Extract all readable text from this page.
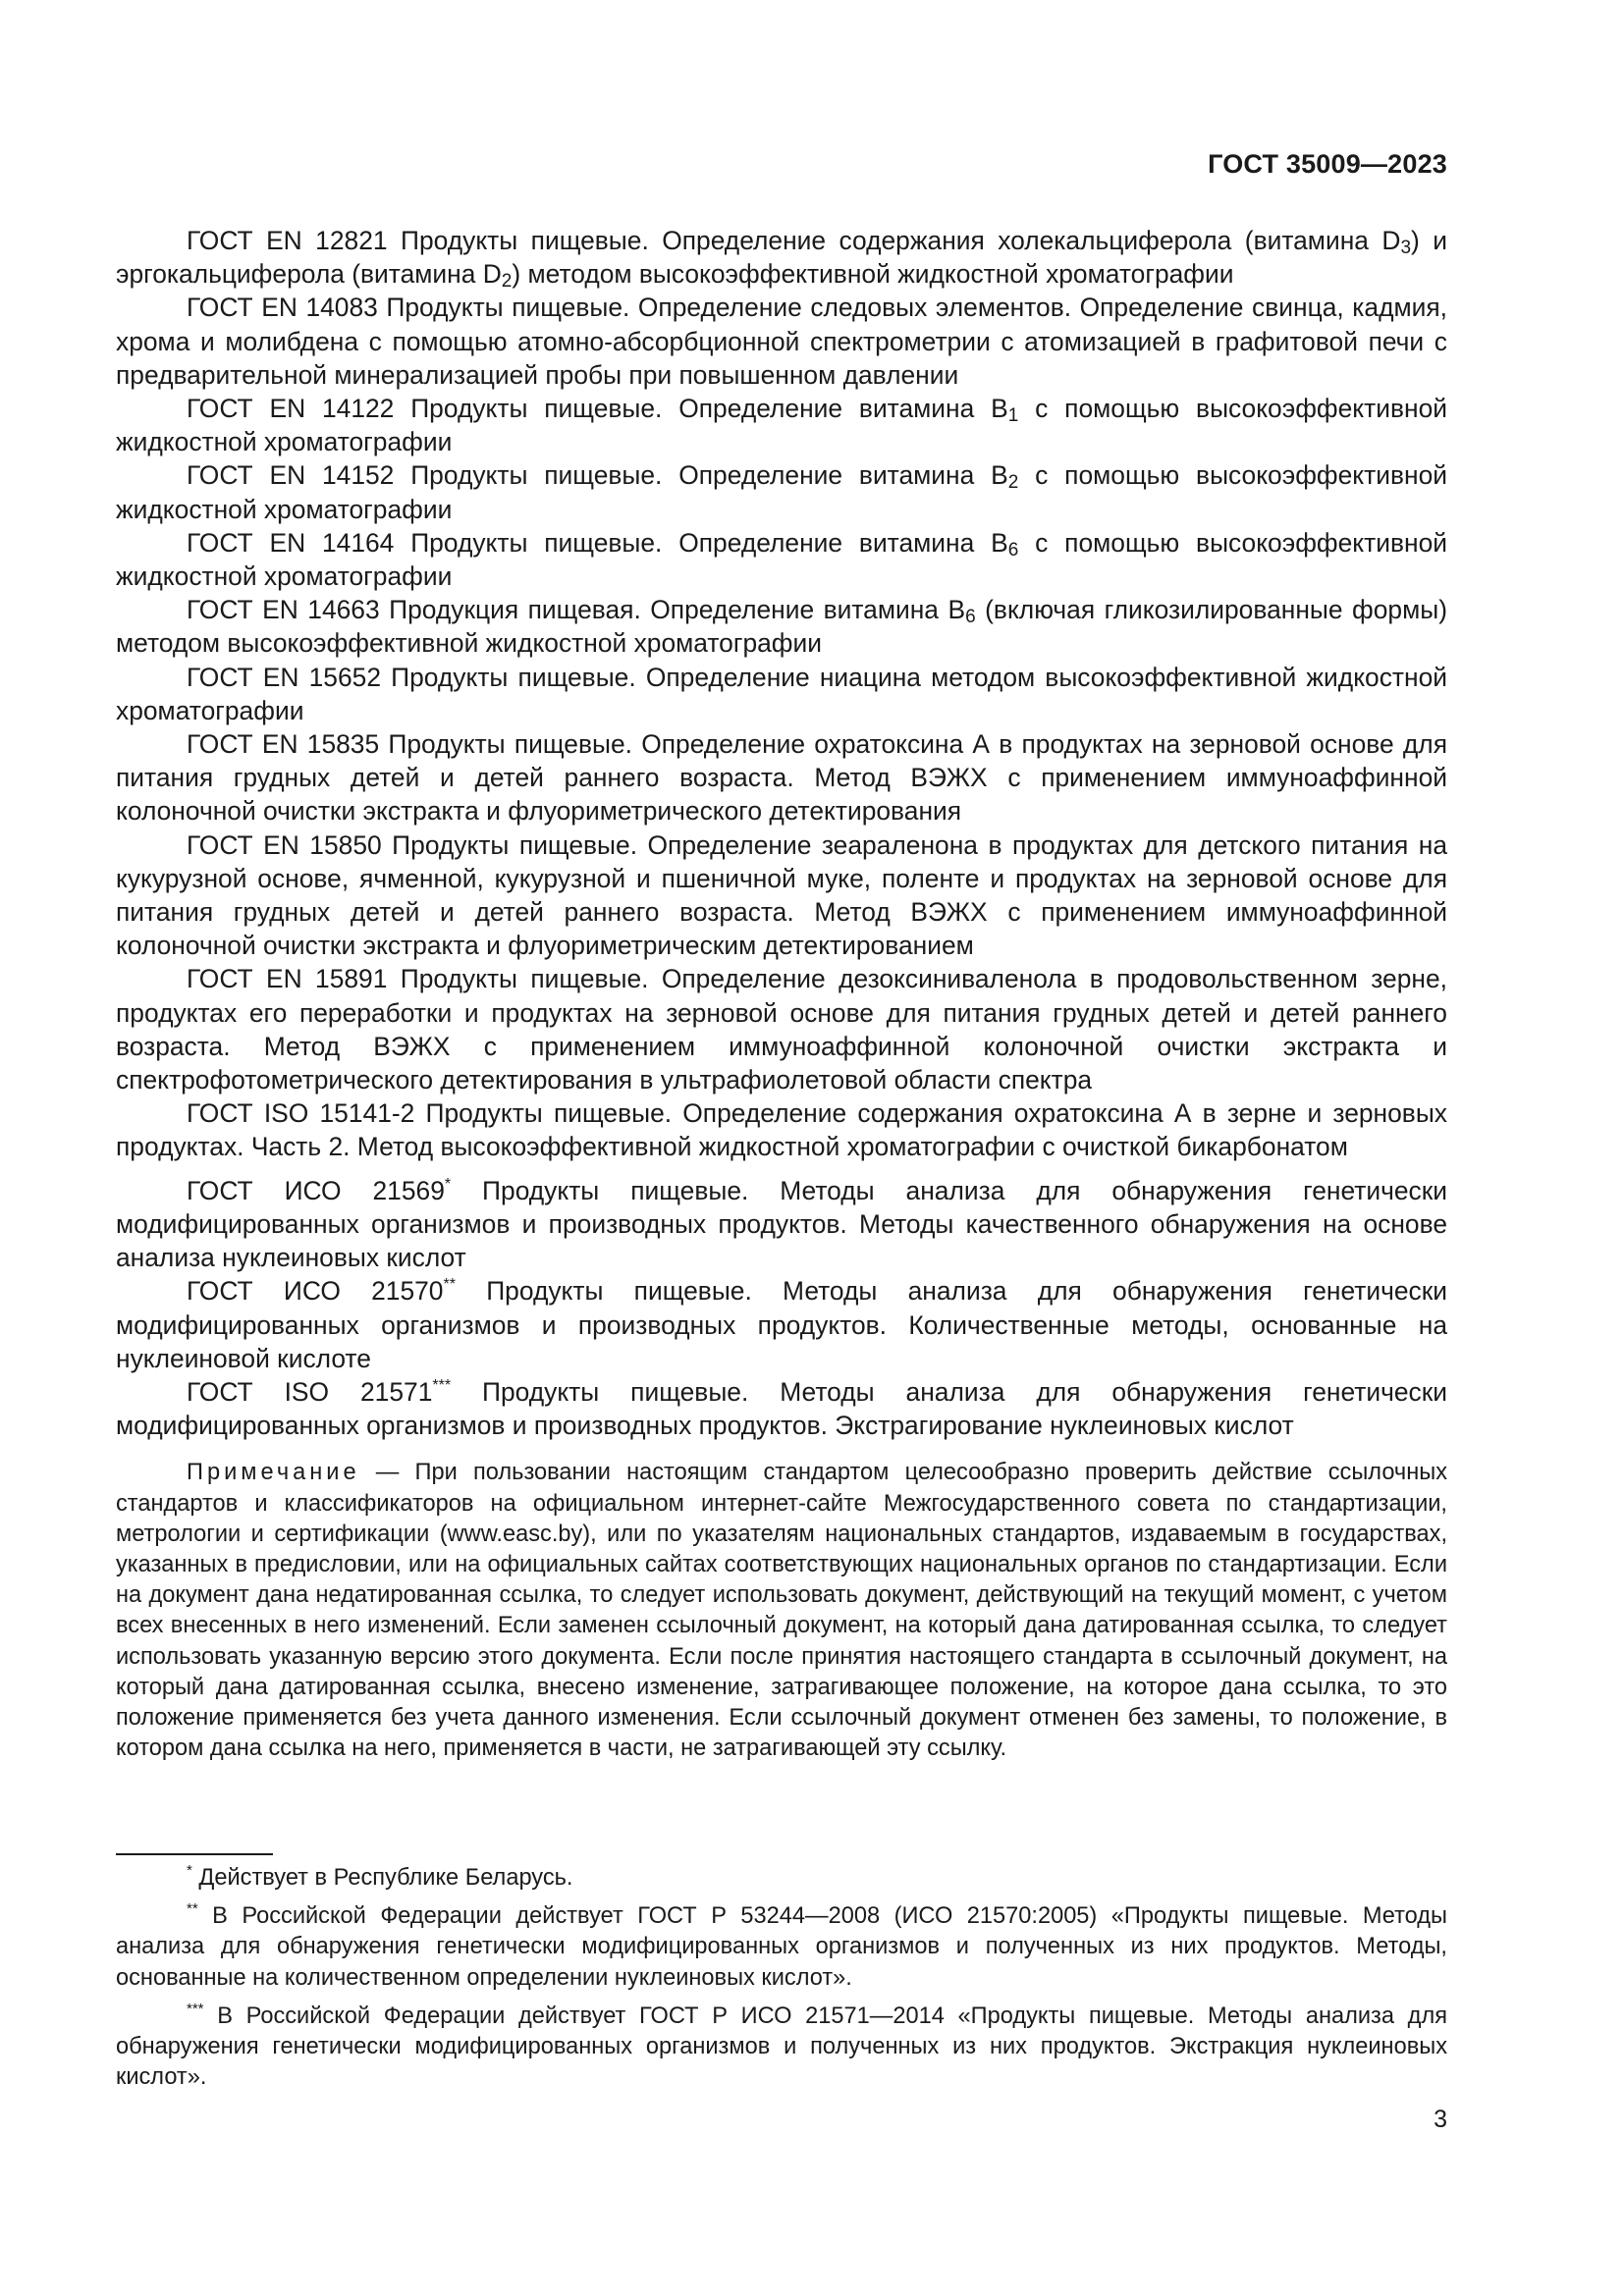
ГОСТ 35009—2023
ГОСТ EN 12821 Продукты пищевые. Определение содержания холекальциферола (витамина $D_3$) и эргокальциферола (витамина $D_2$) методом высокоэффективной жидкостной хроматографии
ГОСТ EN 14083 Продукты пищевые. Определение следовых элементов. Определение свинца, кадмия, хрома и молибдена с помощью атомно-абсорбционной спектрометрии с атомизацией в графитовой печи с предварительной минерализацией пробы при повышенном давлении
ГОСТ EN 14122 Продукты пищевые. Определение витамина $B_1$ с помощью высокоэффективной жидкостной хроматографии
ГОСТ EN 14152 Продукты пищевые. Определение витамина $B_2$ с помощью высокоэффективной жидкостной хроматографии
ГОСТ EN 14164 Продукты пищевые. Определение витамина $B_6$ с помощью высокоэффективной жидкостной хроматографии
ГОСТ EN 14663 Продукция пищевая. Определение витамина $B_6$ (включая гликозилированные формы) методом высокоэффективной жидкостной хроматографии
ГОСТ EN 15652 Продукты пищевые. Определение ниацина методом высокоэффективной жидкостной хроматографии
ГОСТ EN 15835 Продукты пищевые. Определение охратоксина А в продуктах на зерновой основе для питания грудных детей и детей раннего возраста. Метод ВЭЖХ с применением иммуноаффинной колоночной очистки экстракта и флуориметрического детектирования
ГОСТ EN 15850 Продукты пищевые. Определение зеараленона в продуктах для детского питания на кукурузной основе, ячменной, кукурузной и пшеничной муке, поленте и продуктах на зерновой основе для питания грудных детей и детей раннего возраста. Метод ВЭЖХ с применением иммуноаффинной колоночной очистки экстракта и флуориметрическим детектированием
ГОСТ EN 15891 Продукты пищевые. Определение дезоксиниваленола в продовольственном зерне, продуктах его переработки и продуктах на зерновой основе для питания грудных детей и детей раннего возраста. Метод ВЭЖХ с применением иммуноаффинной колоночной очистки экстракта и спектрофотометрического детектирования в ультрафиолетовой области спектра
ГОСТ ISO 15141-2 Продукты пищевые. Определение содержания охратоксина А в зерне и зерновых продуктах. Часть 2. Метод высокоэффективной жидкостной хроматографии с очисткой бикарбонатом
ГОСТ ИСО 21569* Продукты пищевые. Методы анализа для обнаружения генетически модифицированных организмов и производных продуктов. Методы качественного обнаружения на основе анализа нуклеиновых кислот
ГОСТ ИСО 21570** Продукты пищевые. Методы анализа для обнаружения генетически модифицированных организмов и производных продуктов. Количественные методы, основанные на нуклеиновой кислоте
ГОСТ ISO 21571*** Продукты пищевые. Методы анализа для обнаружения генетически модифицированных организмов и производных продуктов. Экстрагирование нуклеиновых кислот
Примечание — При пользовании настоящим стандартом целесообразно проверить действие ссылочных стандартов и классификаторов на официальном интернет-сайте Межгосударственного совета по стандартизации, метрологии и сертификации (www.easc.by), или по указателям национальных стандартов, издаваемым в государствах, указанных в предисловии, или на официальных сайтах соответствующих национальных органов по стандартизации. Если на документ дана недатированная ссылка, то следует использовать документ, действующий на текущий момент, с учетом всех внесенных в него изменений. Если заменен ссылочный документ, на который дана датированная ссылка, то следует использовать указанную версию этого документа. Если после принятия настоящего стандарта в ссылочный документ, на который дана датированная ссылка, внесено изменение, затрагивающее положение, на которое дана ссылка, то это положение применяется без учета данного изменения. Если ссылочный документ отменен без замены, то положение, в котором дана ссылка на него, применяется в части, не затрагивающей эту ссылку.
* Действует в Республике Беларусь.
** В Российской Федерации действует ГОСТ Р 53244—2008 (ИСО 21570:2005) «Продукты пищевые. Методы анализа для обнаружения генетически модифицированных организмов и полученных из них продуктов. Методы, основанные на количественном определении нуклеиновых кислот».
*** В Российской Федерации действует ГОСТ Р ИСО 21571—2014 «Продукты пищевые. Методы анализа для обнаружения генетически модифицированных организмов и полученных из них продуктов. Экстракция нуклеиновых кислот».
3
